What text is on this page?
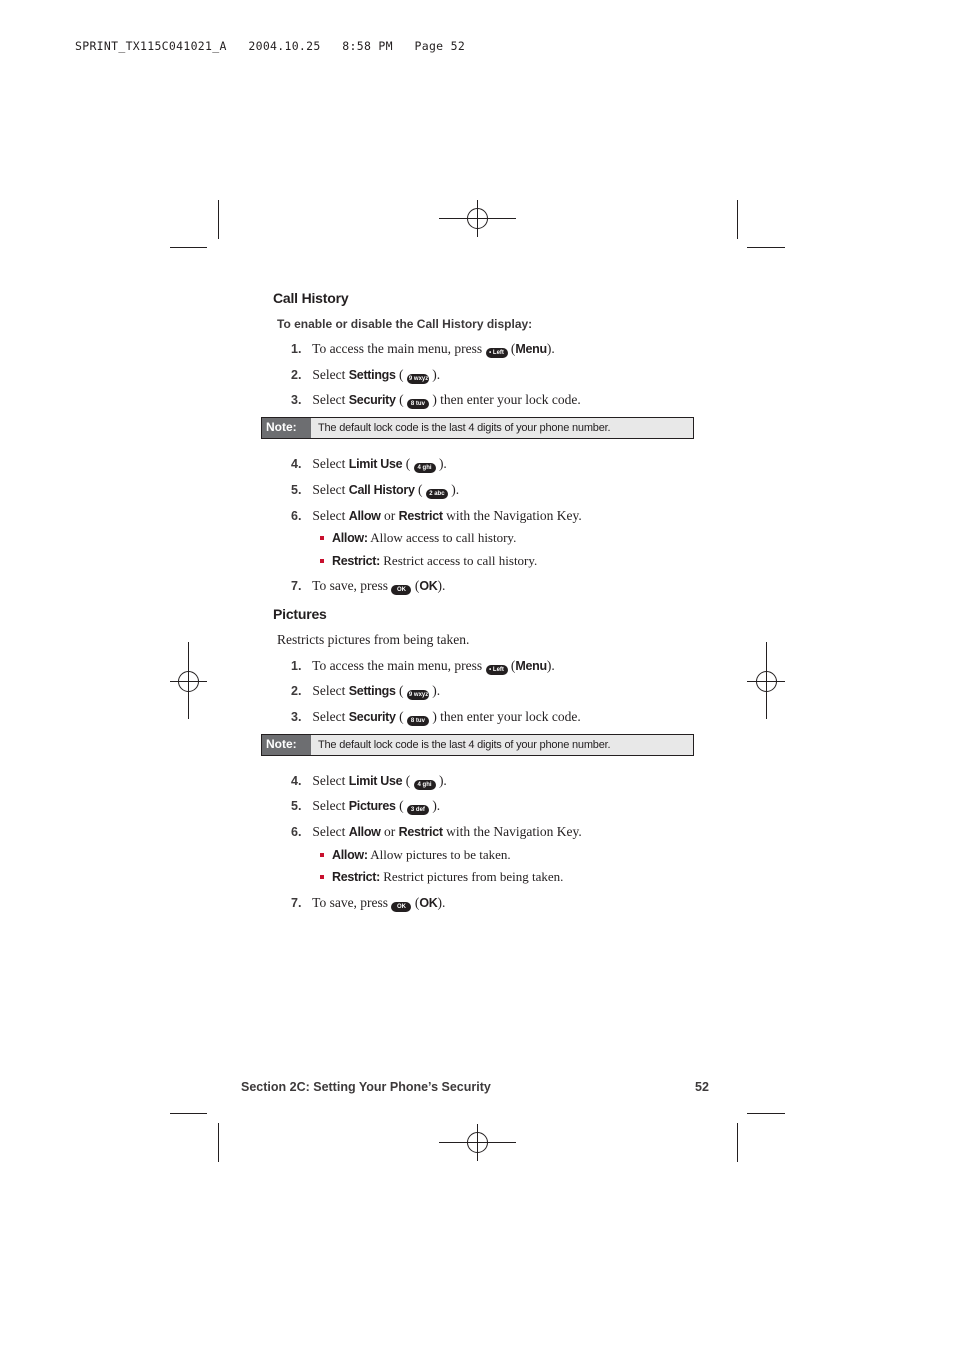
SPRINT_TX115C041021_A   2004.10.25   8:58 PM   Page 52
Call History
To enable or disable the Call History display:
1. To access the main menu, press • Left (Menu).
2. Select Settings ( 9 wxyz ).
3. Select Security ( 8 tuv ) then enter your lock code.
Note:	The default lock code is the last 4 digits of your phone number.
4. Select Limit Use ( 4 ghi ).
5. Select Call History ( 2 abc ).
6. Select Allow or Restrict with the Navigation Key.
Allow: Allow access to call history.
Restrict: Restrict access to call history.
7. To save, press OK (OK).
Pictures
Restricts pictures from being taken.
1. To access the main menu, press • Left (Menu).
2. Select Settings ( 9 wxyz ).
3. Select Security ( 8 tuv ) then enter your lock code.
Note:	The default lock code is the last 4 digits of your phone number.
4. Select Limit Use ( 4 ghi ).
5. Select Pictures ( 3 def ).
6. Select Allow or Restrict with the Navigation Key.
Allow: Allow pictures to be taken.
Restrict: Restrict pictures from being taken.
7. To save, press OK (OK).
Section 2C: Setting Your Phone’s Security	52
